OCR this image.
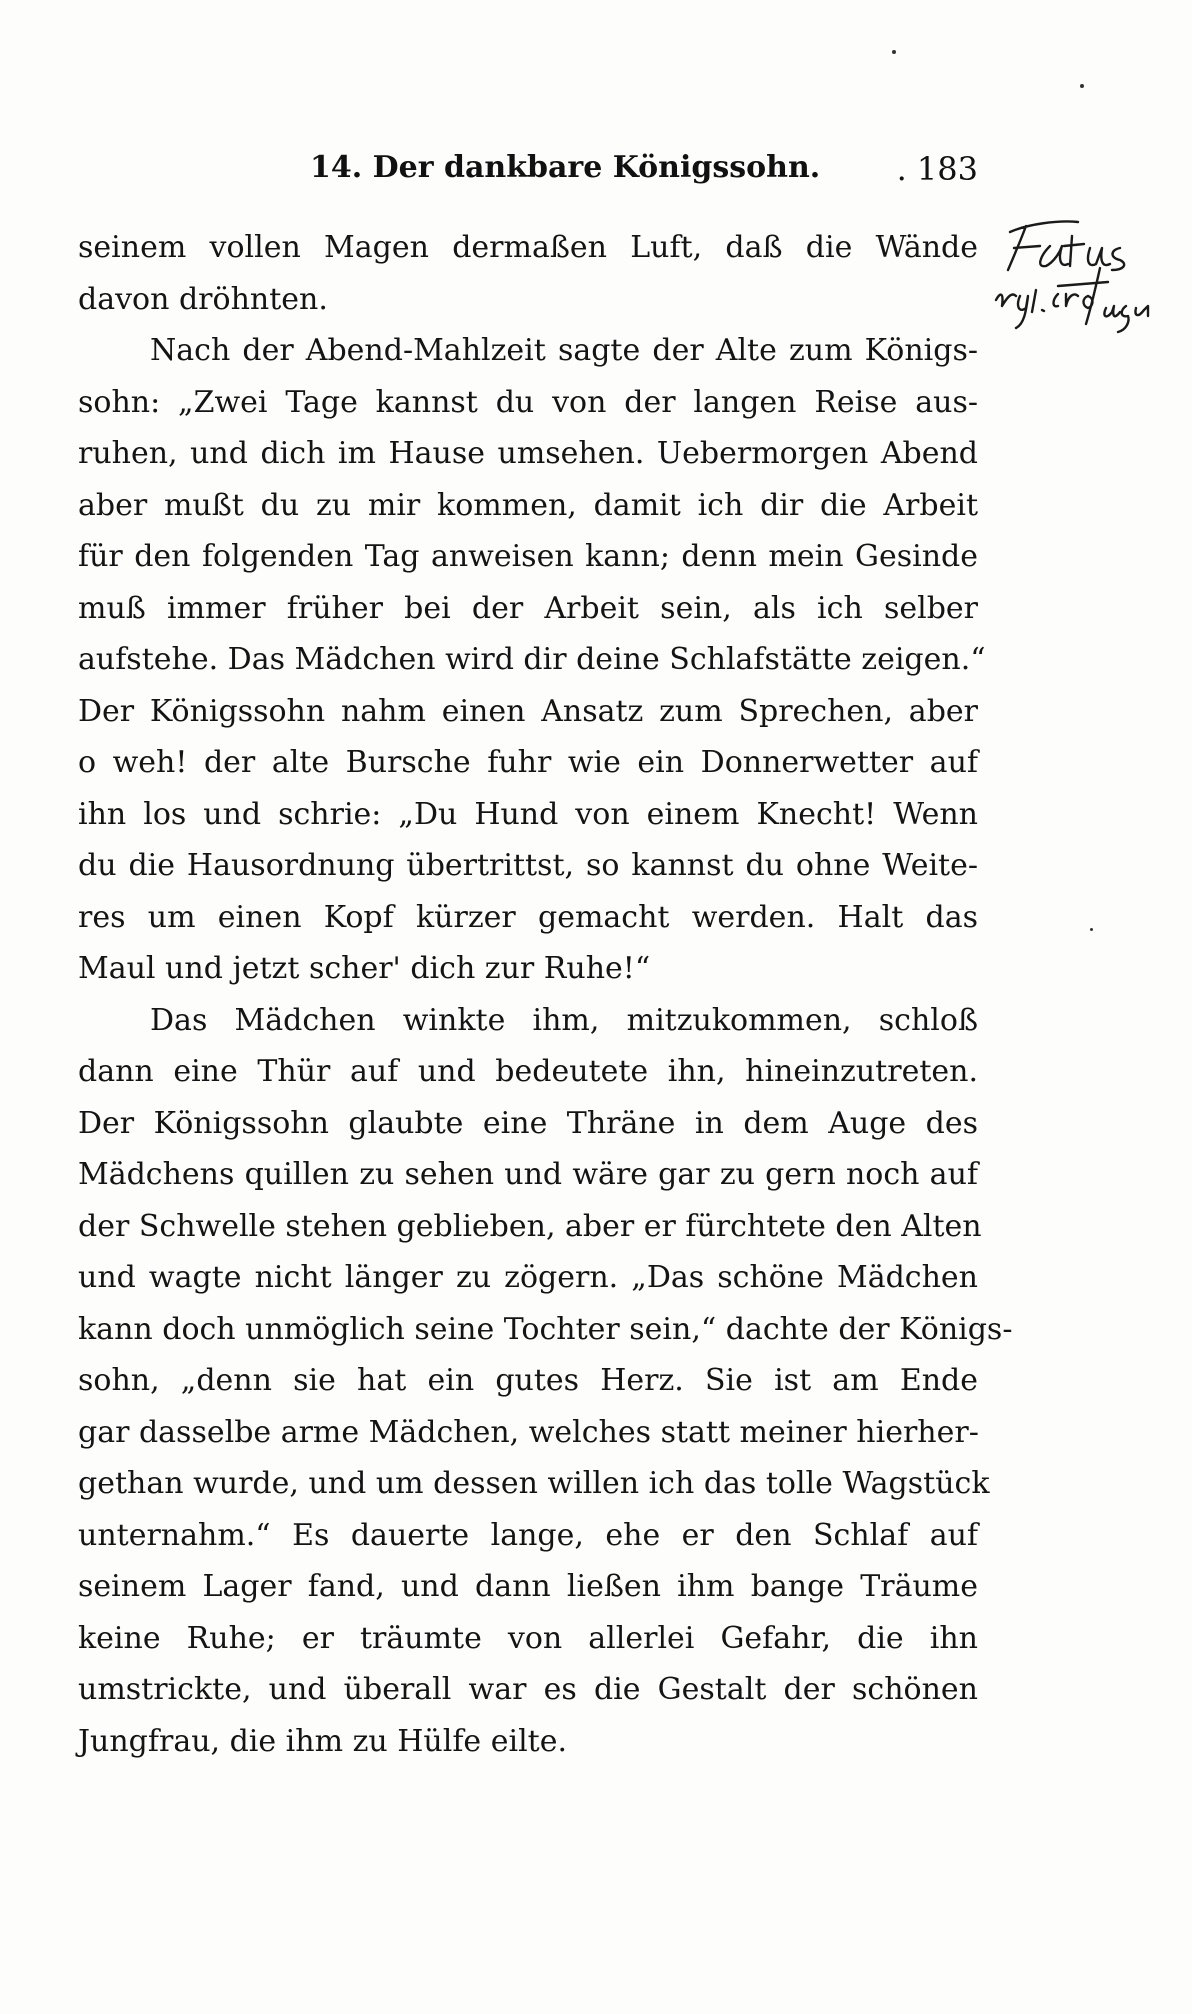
14. Der dankbare Königssohn. . 183
seinem vollen Magen dermaßen Luft, daß die Wände
davon dröhnten.
Nach der Abend-Mahlzeit sagte der Alte zum Königs-
sohn: „Zwei Tage kannst du von der langen Reise aus-
ruhen, und dich im Hause umsehen. Uebermorgen Abend
aber mußt du zu mir kommen, damit ich dir die Arbeit
für den folgenden Tag anweisen kann; denn mein Gesinde
muß immer früher bei der Arbeit sein, als ich selber
aufstehe. Das Mädchen wird dir deine Schlafstätte zeigen.“
Der Königssohn nahm einen Ansatz zum Sprechen, aber
o weh! der alte Bursche fuhr wie ein Donnerwetter auf
ihn los und schrie: „Du Hund von einem Knecht! Wenn
du die Hausordnung übertrittst, so kannst du ohne Weite-
res um einen Kopf kürzer gemacht werden. Halt das
Maul und jetzt scher' dich zur Ruhe!“
Das Mädchen winkte ihm, mitzukommen, schloß
dann eine Thür auf und bedeutete ihn, hineinzutreten.
Der Königssohn glaubte eine Thräne in dem Auge des
Mädchens quillen zu sehen und wäre gar zu gern noch auf
der Schwelle stehen geblieben, aber er fürchtete den Alten
und wagte nicht länger zu zögern. „Das schöne Mädchen
kann doch unmöglich seine Tochter sein,“ dachte der Königs-
sohn, „denn sie hat ein gutes Herz. Sie ist am Ende
gar dasselbe arme Mädchen, welches statt meiner hierher-
gethan wurde, und um dessen willen ich das tolle Wagstück
unternahm.“ Es dauerte lange, ehe er den Schlaf auf
seinem Lager fand, und dann ließen ihm bange Träume
keine Ruhe; er träumte von allerlei Gefahr, die ihn
umstrickte, und überall war es die Gestalt der schönen
Jungfrau, die ihm zu Hülfe eilte.
